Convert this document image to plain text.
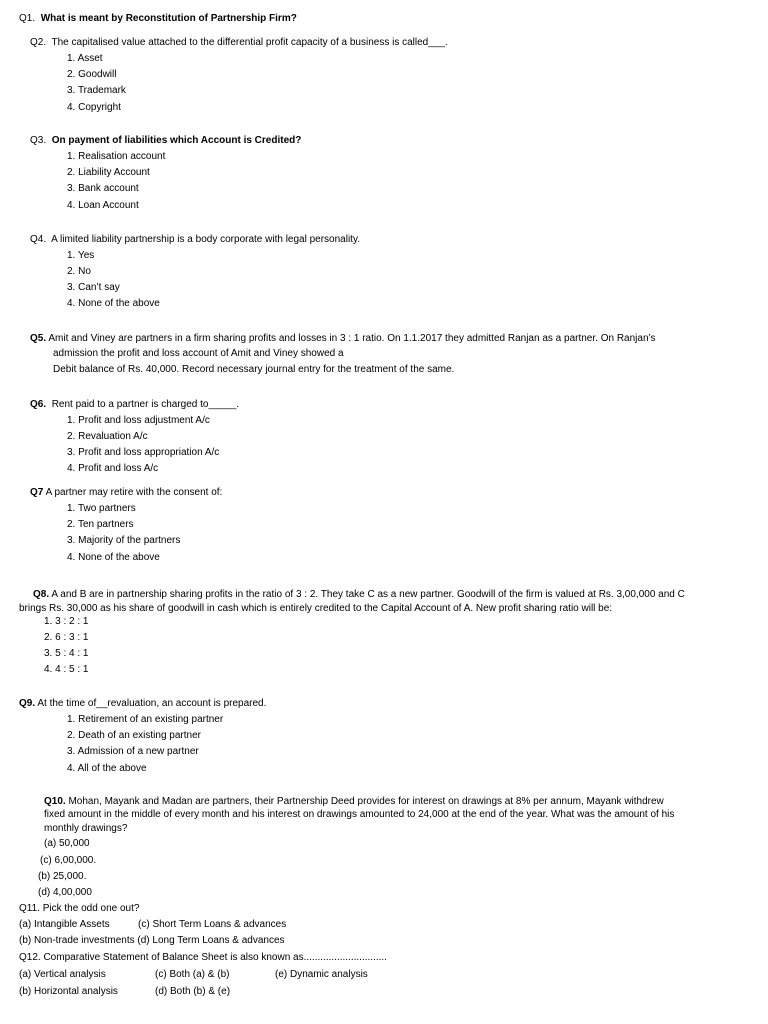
Q1. What is meant by Reconstitution of Partnership Firm?
Q2. The capitalised value attached to the differential profit capacity of a business is called___.
1. Asset
2. Goodwill
3. Trademark
4. Copyright
Q3. On payment of liabilities which Account is Credited?
1. Realisation account
2. Liability Account
3. Bank account
4. Loan Account
Q4. A limited liability partnership is a body corporate with legal personality.
1. Yes
2. No
3. Can’t say
4. None of the above
Q5. Amit and Viney are partners in a firm sharing profits and losses in 3 : 1 ratio. On 1.1.2017 they admitted Ranjan as a partner. On Ranjan’s
admission the profit and loss account of Amit and Viney showed a
Debit balance of Rs. 40,000. Record necessary journal entry for the treatment of the same.
Q6. Rent paid to a partner is charged to_____.
1. Profit and loss adjustment A/c
2. Revaluation A/c
3. Profit and loss appropriation A/c
4. Profit and loss A/c
Q7 A partner may retire with the consent of:
1. Two partners
2. Ten partners
3. Majority of the partners
4. None of the above
Q8. A and B are in partnership sharing profits in the ratio of 3 : 2. They take C as a new partner. Goodwill of the firm is valued at Rs. 3,00,000 and C
brings Rs. 30,000 as his share of goodwill in cash which is entirely credited to the Capital Account of A. New profit sharing ratio will be:
1. 3 : 2 : 1
2. 6 : 3 : 1
3. 5 : 4 : 1
4. 4 : 5 : 1
Q9. At the time of__revaluation, an account is prepared.
1. Retirement of an existing partner
2. Death of an existing partner
3. Admission of a new partner
4. All of the above
Q10. Mohan, Mayank and Madan are partners, their Partnership Deed provides for interest on drawings at 8% per annum, Mayank withdrew
fixed amount in the middle of every month and his interest on drawings amounted to 24,000 at the end of the year. What was the amount of his
monthly drawings?
(a) 50,000
(c) 6,00,000.
(b) 25,000.
(d) 4,00,000
Q11. Pick the odd one out?
(a) Intangible Assets	(c) Short Term Loans & advances
(b) Non-trade investments (d) Long Term Loans & advances
Q12. Comparative Statement of Balance Sheet is also known as..............................
(a) Vertical analysis	(c) Both (a) & (b)	(e) Dynamic analysis
(b) Horizontal analysis	(d) Both (b) & (e)
